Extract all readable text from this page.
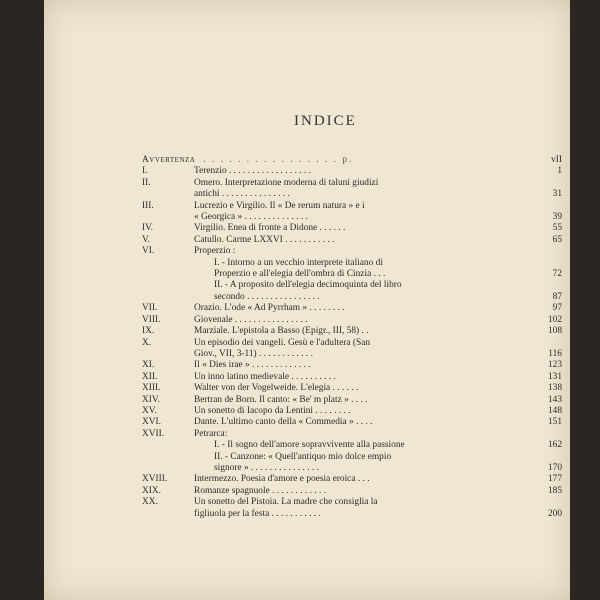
INDICE
Avvertenza . . . . . . . . . . . . . . . . p.	vII
I.	Terenzio . . . . . . . . . . . . . . . . . .	1
II.	Omero. Interpretazione moderna di taluni giudizi
antichi . . . . . . . . . . . . . . .	31
III.	Lucrezio e Virgilio. Il « De rerum natura » e i
« Georgica » . . . . . . . . . . . . . .	39
IV.	Virgilio. Enea di fronte a Didone . . . . . .	55
V.	Catullo. Carme LXXVI . . . . . . . . . . .	65
VI.	Properzio :
I. - Intorno a un vecchio interprete italiano di
Properzio e all'elegia dell'ombra di Cinzia . . .	72
II. - A proposito dell'elegia decimoquinta del libro
secondo . . . . . . . . . . . . . . . .	87
VII.	Orazio. L'ode « Ad Pyrrham » . . . . . . . .	97
VIII.	Giovenale . . . . . . . . . . . . . . . .	102
IX.	Marziale. L'epistola a Basso (Epigr., III, 58) . .	108
X.	Un episodio dei vangeli. Gesù e l'adultera (San
Giov., VII, 3-11) . . . . . . . . . . . .	116
XI.	Il « Dies irae » . . . . . . . . . . . . .	123
XII.	Un inno latino medievale . . . . . . . . . .	131
XIII.	Walter von der Vogelweide. L'elegia . . . . . .	138
XIV.	Bertran de Born. Il canto: « Be' m platz » . . . .	143
XV.	Un sonetto di Iacopo da Lentini . . . . . . . .	148
XVI.	Dante. L'ultimo canto della « Commedia » . . . .	151
XVII.	Petrarca:
I. - Il sogno dell'amore sopravvivente alla passione	162
II. - Canzone: « Quell'antiquo mio dolce empio
signore » . . . . . . . . . . . . . . .	170
XVIII.	Intermezzo. Poesia d'amore e poesia eroica . . .	177
XIX.	Romanze spagnuole . . . . . . . . . . . .	185
XX.	Un sonetto del Pistoia. La madre che consiglia la
figliuola per la festa . . . . . . . . . . .	200
